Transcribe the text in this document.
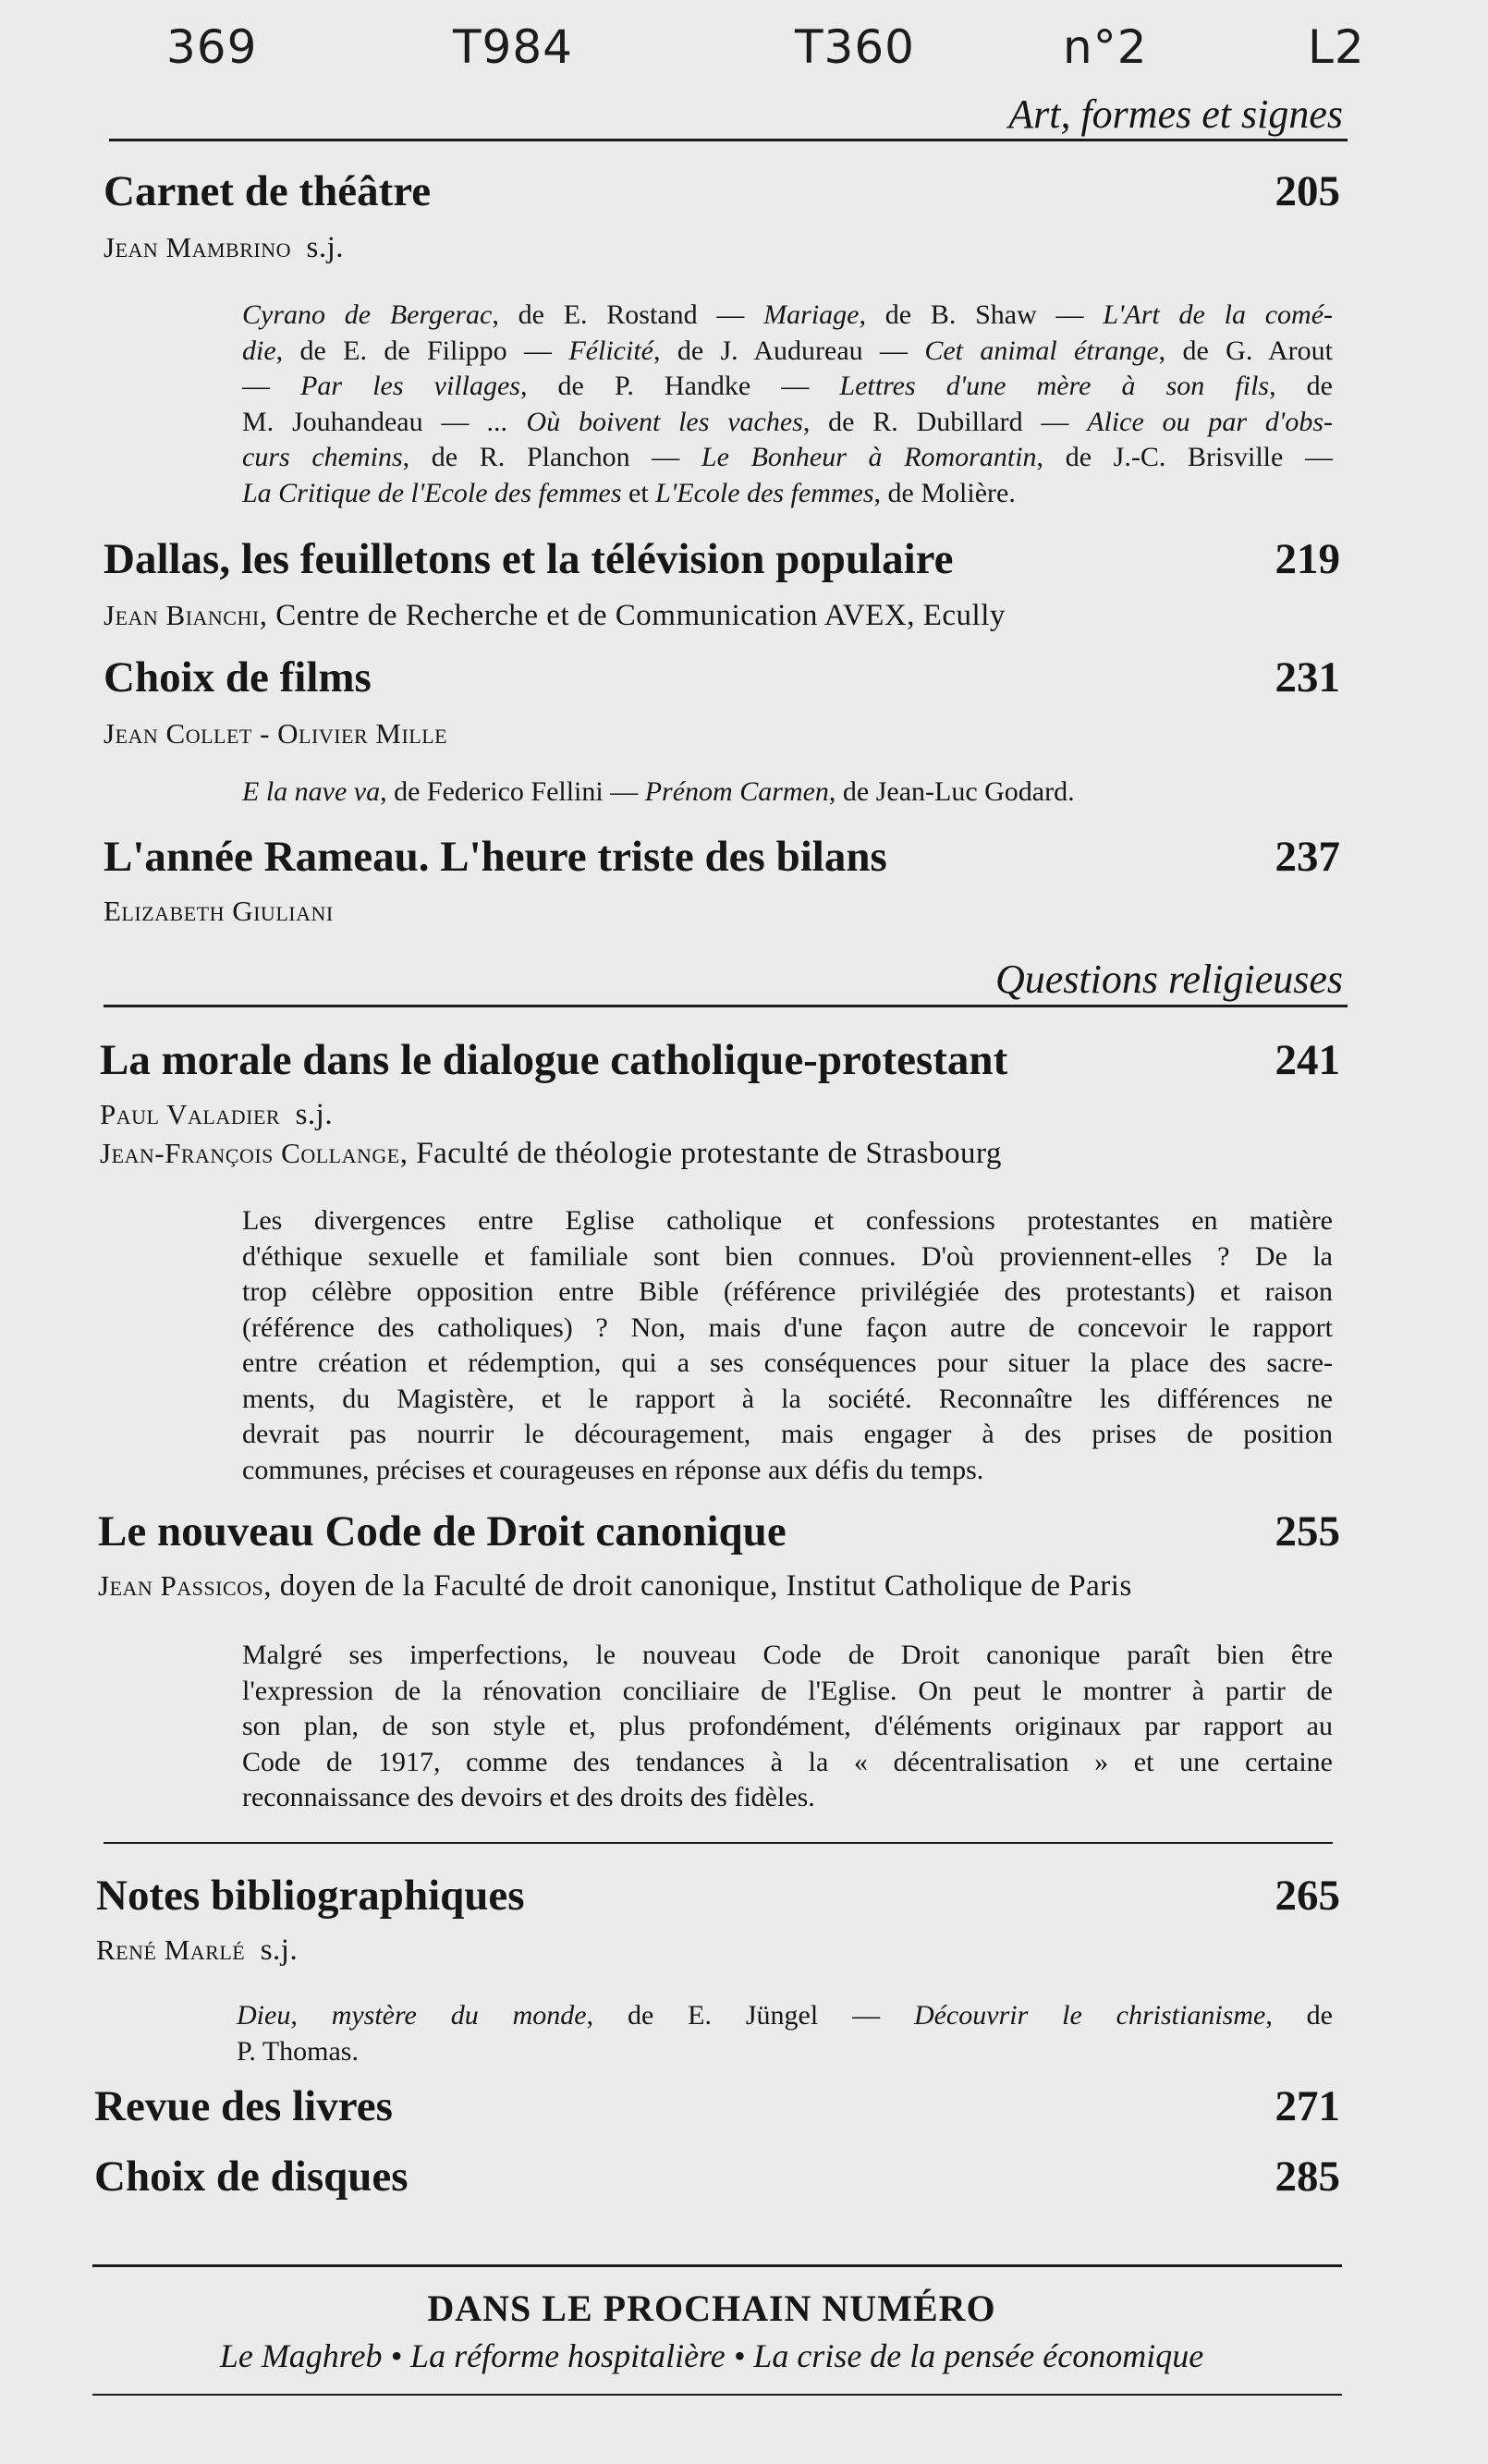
369	T984	T360	n°2	L2
Art, formes et signes
Carnet de théâtre	205
Jean Mambrino s.j.
Cyrano de Bergerac, de E. Rostand — Mariage, de B. Shaw — L'Art de la comé-
die, de E. de Filippo — Félicité, de J. Audureau — Cet animal étrange, de G. Arout
— Par les villages, de P. Handke — Lettres d'une mère à son fils, de
M. Jouhandeau — ... Où boivent les vaches, de R. Dubillard — Alice ou par d'obs-
curs chemins, de R. Planchon — Le Bonheur à Romorantin, de J.-C. Brisville —
La Critique de l'Ecole des femmes et L'Ecole des femmes, de Molière.
Dallas, les feuilletons et la télévision populaire	219
Jean Bianchi, Centre de Recherche et de Communication AVEX, Ecully
Choix de films	231
Jean Collet - Olivier Mille
E la nave va, de Federico Fellini — Prénom Carmen, de Jean-Luc Godard.
L'année Rameau. L'heure triste des bilans	237
Elizabeth Giuliani
Questions religieuses
La morale dans le dialogue catholique-protestant	241
Paul Valadier s.j.
Jean-François Collange, Faculté de théologie protestante de Strasbourg
Les divergences entre Eglise catholique et confessions protestantes en matière
d'éthique sexuelle et familiale sont bien connues. D'où proviennent-elles ? De la
trop célèbre opposition entre Bible (référence privilégiée des protestants) et raison
(référence des catholiques) ? Non, mais d'une façon autre de concevoir le rapport
entre création et rédemption, qui a ses conséquences pour situer la place des sacre-
ments, du Magistère, et le rapport à la société. Reconnaître les différences ne
devrait pas nourrir le découragement, mais engager à des prises de position
communes, précises et courageuses en réponse aux défis du temps.
Le nouveau Code de Droit canonique	255
Jean Passicos, doyen de la Faculté de droit canonique, Institut Catholique de Paris
Malgré ses imperfections, le nouveau Code de Droit canonique paraît bien être
l'expression de la rénovation conciliaire de l'Eglise. On peut le montrer à partir de
son plan, de son style et, plus profondément, d'éléments originaux par rapport au
Code de 1917, comme des tendances à la « décentralisation » et une certaine
reconnaissance des devoirs et des droits des fidèles.
Notes bibliographiques	265
René Marlé s.j.
Dieu, mystère du monde, de E. Jüngel — Découvrir le christianisme, de
P. Thomas.
Revue des livres	271
Choix de disques	285
DANS LE PROCHAIN NUMÉRO
Le Maghreb • La réforme hospitalière • La crise de la pensée économique
